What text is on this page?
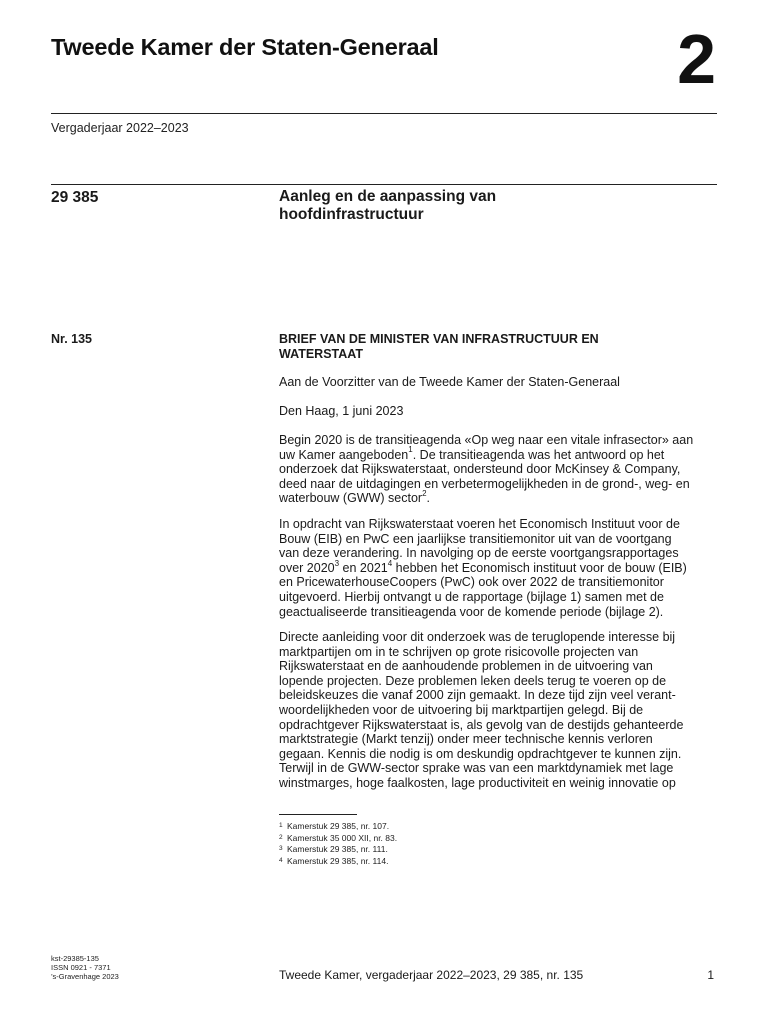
Tweede Kamer der Staten-Generaal	2
Vergaderjaar 2022–2023
29 385	Aanleg en de aanpassing van
hoofdinfrastructuur
Nr. 135	BRIEF VAN DE MINISTER VAN INFRASTRUCTUUR EN
WATERSTAAT
Aan de Voorzitter van de Tweede Kamer der Staten-Generaal
Den Haag, 1 juni 2023
Begin 2020 is de transitieagenda «Op weg naar een vitale infrasector» aan
uw Kamer aangeboden$^1$. De transitieagenda was het antwoord op het
onderzoek dat Rijkswaterstaat, ondersteund door McKinsey & Company,
deed naar de uitdagingen en verbetermogelijkheden in de grond-, weg- en
waterbouw (GWW) sector$^2$.
In opdracht van Rijkswaterstaat voeren het Economisch Instituut voor de
Bouw (EIB) en PwC een jaarlijkse transitiemonitor uit van de voortgang
van deze verandering. In navolging op de eerste voortgangsrapportages
over 2020$^3$ en 2021$^4$ hebben het Economisch instituut voor de bouw (EIB)
en PricewaterhouseCoopers (PwC) ook over 2022 de transitiemonitor
uitgevoerd. Hierbij ontvangt u de rapportage (bijlage 1) samen met de
geactualiseerde transitieagenda voor de komende periode (bijlage 2).
Directe aanleiding voor dit onderzoek was de teruglopende interesse bij
marktpartijen om in te schrijven op grote risicovolle projecten van
Rijkswaterstaat en de aanhoudende problemen in de uitvoering van
lopende projecten. Deze problemen leken deels terug te voeren op de
beleidskeuzes die vanaf 2000 zijn gemaakt. In deze tijd zijn veel verant-
woordelijkheden voor de uitvoering bij marktpartijen gelegd. Bij de
opdrachtgever Rijkswaterstaat is, als gevolg van de destijds gehanteerde
marktstrategie (Markt tenzij) onder meer technische kennis verloren
gegaan. Kennis die nodig is om deskundig opdrachtgever te kunnen zijn.
Terwijl in de GWW-sector sprake was van een marktdynamiek met lage
winstmarges, hoge faalkosten, lage productiviteit en weinig innovatie op
1 Kamerstuk 29 385, nr. 107.
2 Kamerstuk 35 000 XII, nr. 83.
3 Kamerstuk 29 385, nr. 111.
4 Kamerstuk 29 385, nr. 114.
kst-29385-135
ISSN 0921 - 7371
’s-Gravenhage 2023	Tweede Kamer, vergaderjaar 2022–2023, 29 385, nr. 135	1
